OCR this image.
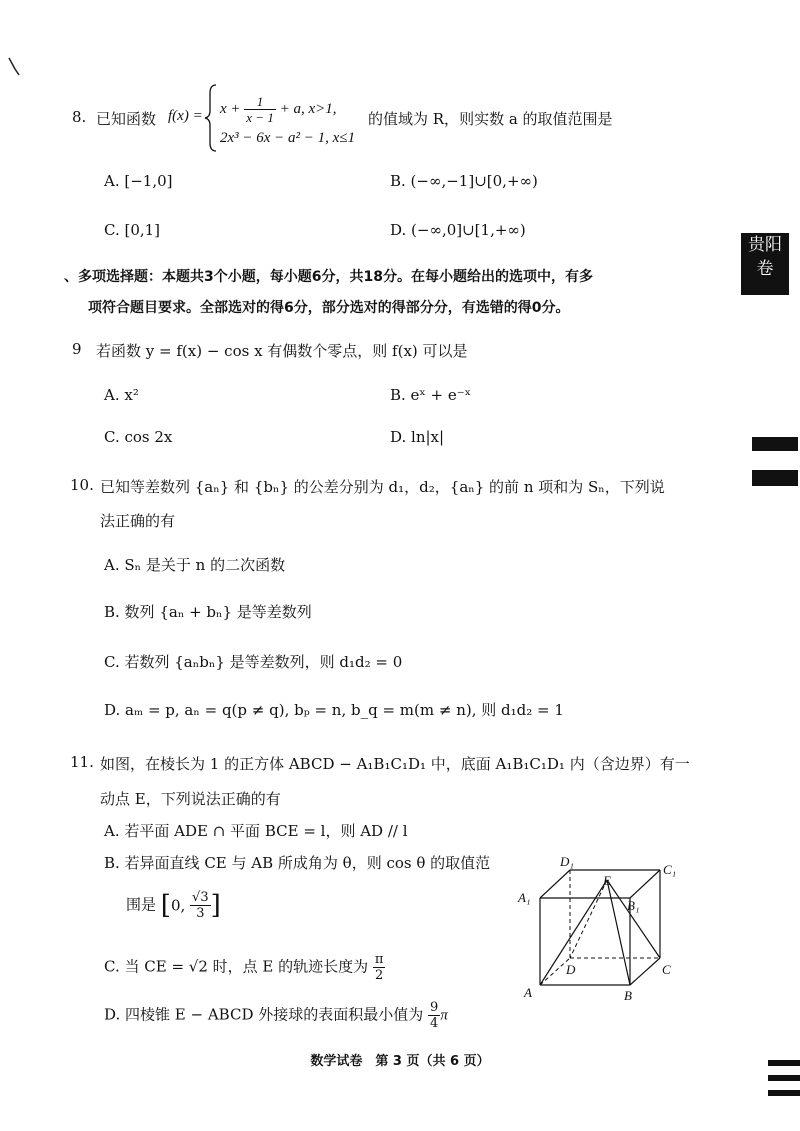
贵阳
卷
8. 已知函数 $f(x) = x + \frac{1}{x - 1} + a$, x>1,
2x³ − 6x − a² − 1, x≤1
的值域为 R，则实数 a 的取值范围是
A. [−1,0]	B. (−∞,−1]∪[0,+∞)
C. [0,1]	D. (−∞,0]∪[1,+∞)
、多项选择题：本题共3个小题，每小题6分，共18分。在每小题给出的选项中，有多
项符合题目要求。全部选对的得6分，部分选对的得部分分，有选错的得0分。
9 若函数 y = f(x) − cos x 有偶数个零点，则 f(x) 可以是
A. x²	B. eˣ + e⁻ˣ
C. cos 2x	D. ln|x|
10. 已知等差数列 {aₙ} 和 {bₙ} 的公差分别为 d₁，d₂，{aₙ} 的前 n 项和为 Sₙ，下列说
法正确的有
A. Sₙ 是关于 n 的二次函数
B. 数列 {aₙ + bₙ} 是等差数列
C. 若数列 {aₙbₙ} 是等差数列，则 d₁d₂ = 0
D. aₘ = p, aₙ = q(p ≠ q), bₚ = n, b_q = m(m ≠ n), 则 d₁d₂ = 1
11. 如图，在棱长为 1 的正方体 ABCD − A₁B₁C₁D₁ 中，底面 A₁B₁C₁D₁ 内（含边界）有一
动点 E，下列说法正确的有
A. 若平面 ADE ∩ 平面 BCE = l，则 AD // l
B. 若异面直线 CE 与 AB 所成角为 θ，则 cos θ 的取值范
围是 [0, $\frac{√3}{3}$ ]
C. 当 CE = √2 时，点 E 的轨迹长度为 $\frac{\pi}{2}$
D. 四棱锥 E − ABCD 外接球的表面积最小值为 $\frac{9}{4}$ π
D₁
C₁
A₁
B₁
E
D	C
A	B
数学试卷　第 3 页（共 6 页）
